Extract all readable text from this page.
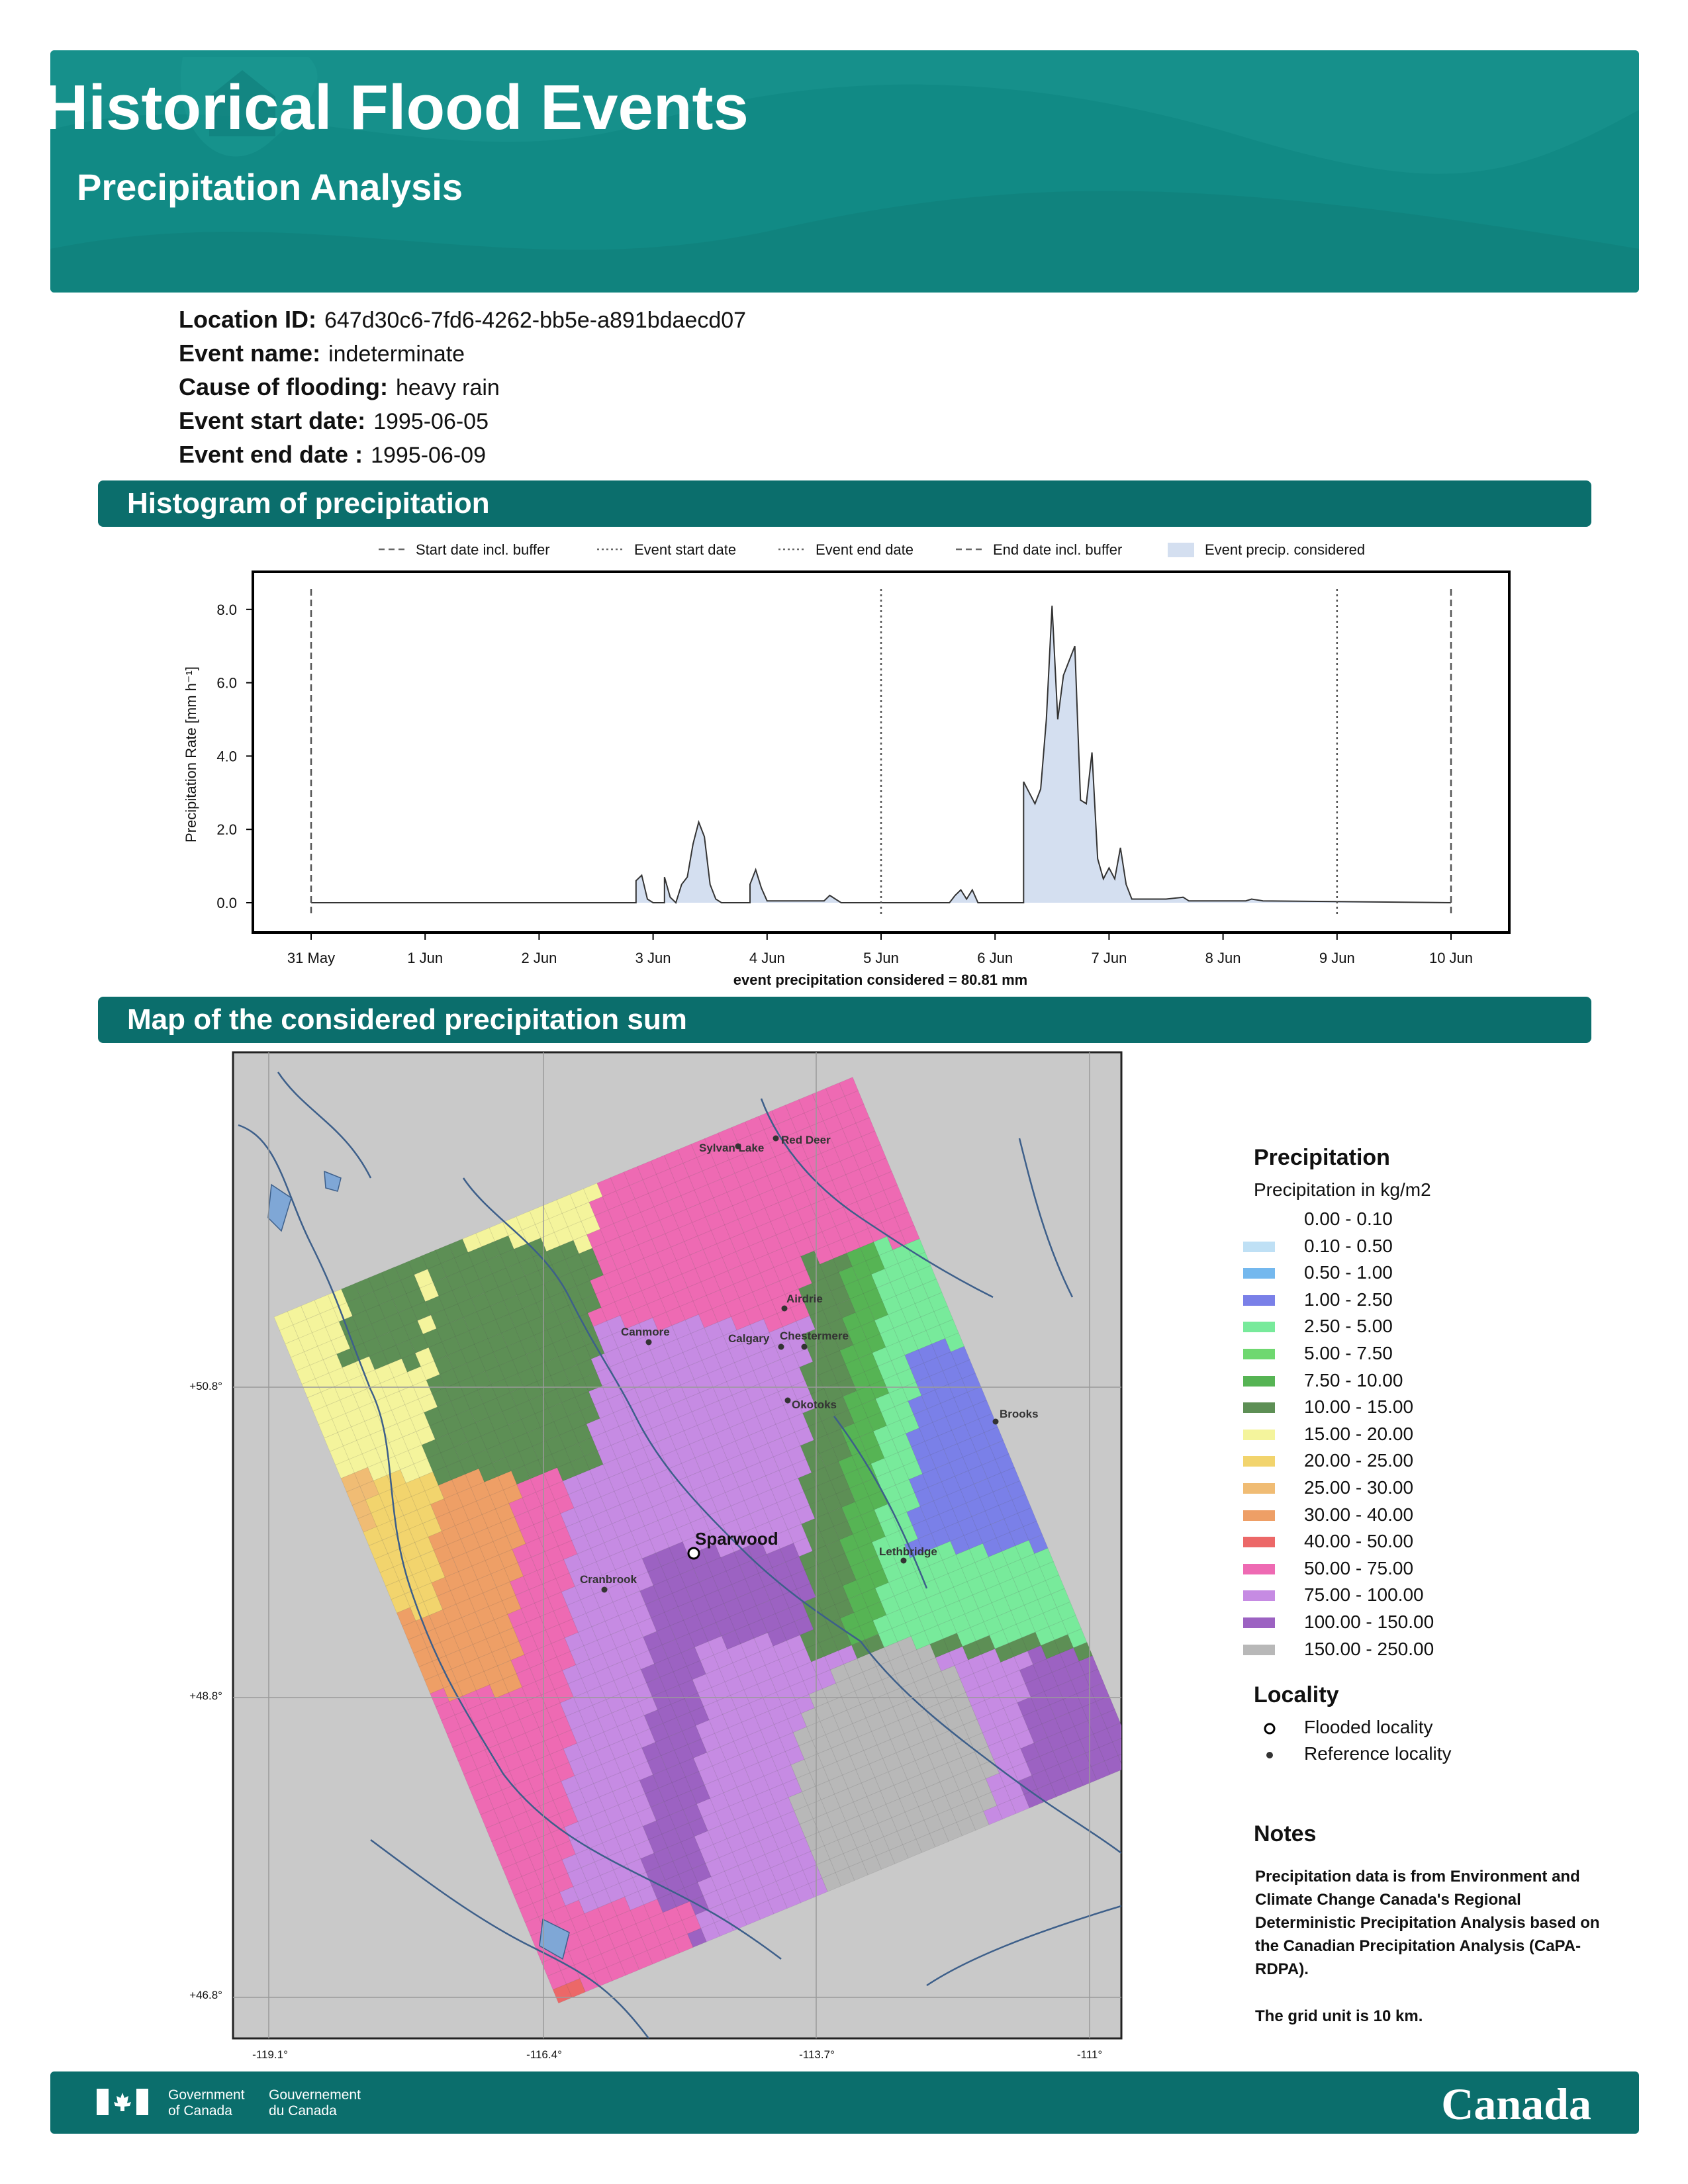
Historical Flood Events
Precipitation Analysis
Location ID: 647d30c6-7fd6-4262-bb5e-a891bdaecd07
Event name: indeterminate
Cause of flooding: heavy rain
Event start date: 1995-06-05
Event end date : 1995-06-09
Histogram of precipitation
Start date incl. buffer	Event start date	Event end date	End date incl. buffer	Event precip. considered
0.0
2.0
4.0
6.0
8.0
31 May	1 Jun	2 Jun	3 Jun	4 Jun	5 Jun	6 Jun	7 Jun	8 Jun	9 Jun	10 Jun
Precipitation Rate [mm h⁻¹]
event precipitation considered = 80.81 mm
Map of the considered precipitation sum
Sylvan Lake
Red Deer
Airdrie
Canmore
Calgary Chestermere
Okotoks
Brooks
Lethbridge
Cranbrook
Sparwood
+50.8°
+48.8°
+46.8°
-119.1°	-116.4°	-113.7°	-111°
Precipitation
Precipitation in kg/m2
0.00 - 0.10
0.10 - 0.50
0.50 - 1.00
1.00 - 2.50
2.50 - 5.00
5.00 - 7.50
7.50 - 10.00
10.00 - 15.00
15.00 - 20.00
20.00 - 25.00
25.00 - 30.00
30.00 - 40.00
40.00 - 50.00
50.00 - 75.00
75.00 - 100.00
100.00 - 150.00
150.00 - 250.00
Locality
Flooded locality
Reference locality
Notes
Precipitation data is from Environment and Climate Change Canada's Regional Deterministic Precipitation Analysis based on the Canadian Precipitation Analysis (CaPA-RDPA).
The grid unit is 10 km.
Government
of Canada
Gouvernement
du Canada	Canada
